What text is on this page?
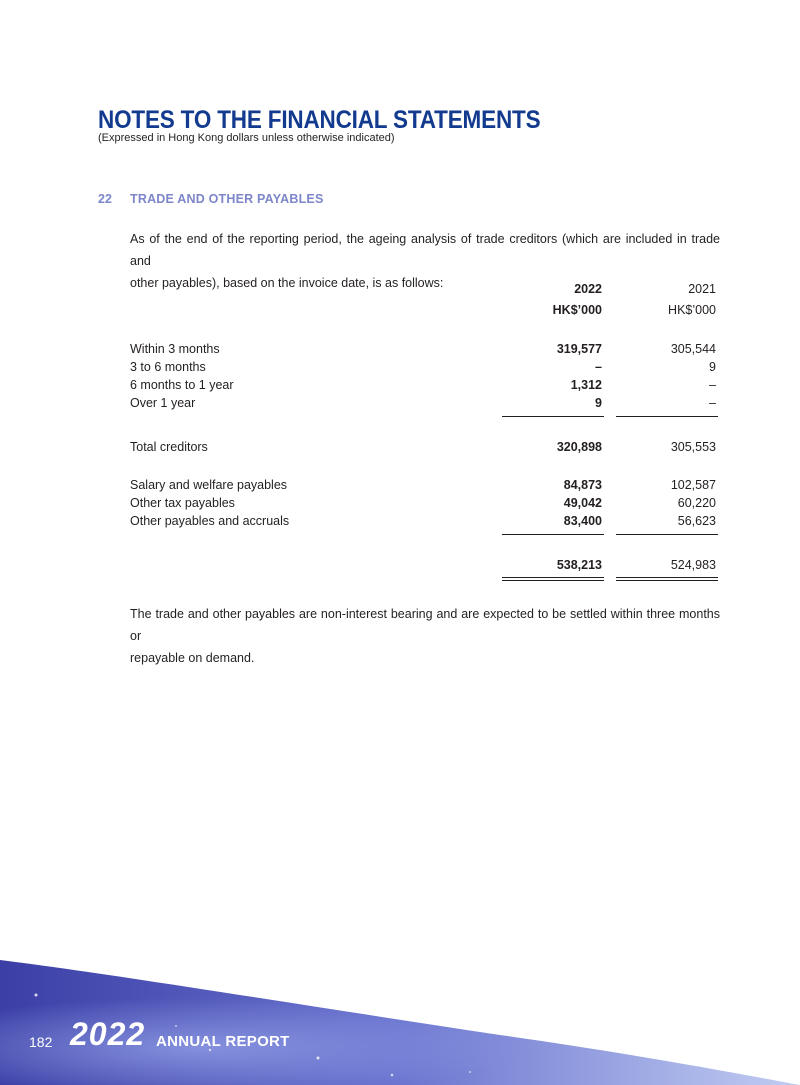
NOTES TO THE FINANCIAL STATEMENTS
(Expressed in Hong Kong dollars unless otherwise indicated)
22 TRADE AND OTHER PAYABLES

As of the end of the reporting period, the ageing analysis of trade creditors (which are included in trade and
other payables), based on the invoice date, is as follows:	2022	2021
HK$’000	HK$’000
Within 3 months	319,577	305,544
3 to 6 months	–	9
6 months to 1 year	1,312	–
Over 1 year	9	–
Total creditors	320,898	305,553
Salary and welfare payables	84,873	102,587
Other tax payables	49,042	60,220
Other payables and accruals	83,400	56,623
538,213	524,983

The trade and other payables are non-interest bearing and are expected to be settled within three months or
repayable on demand.

182 2022 ANNUAL REPORT
